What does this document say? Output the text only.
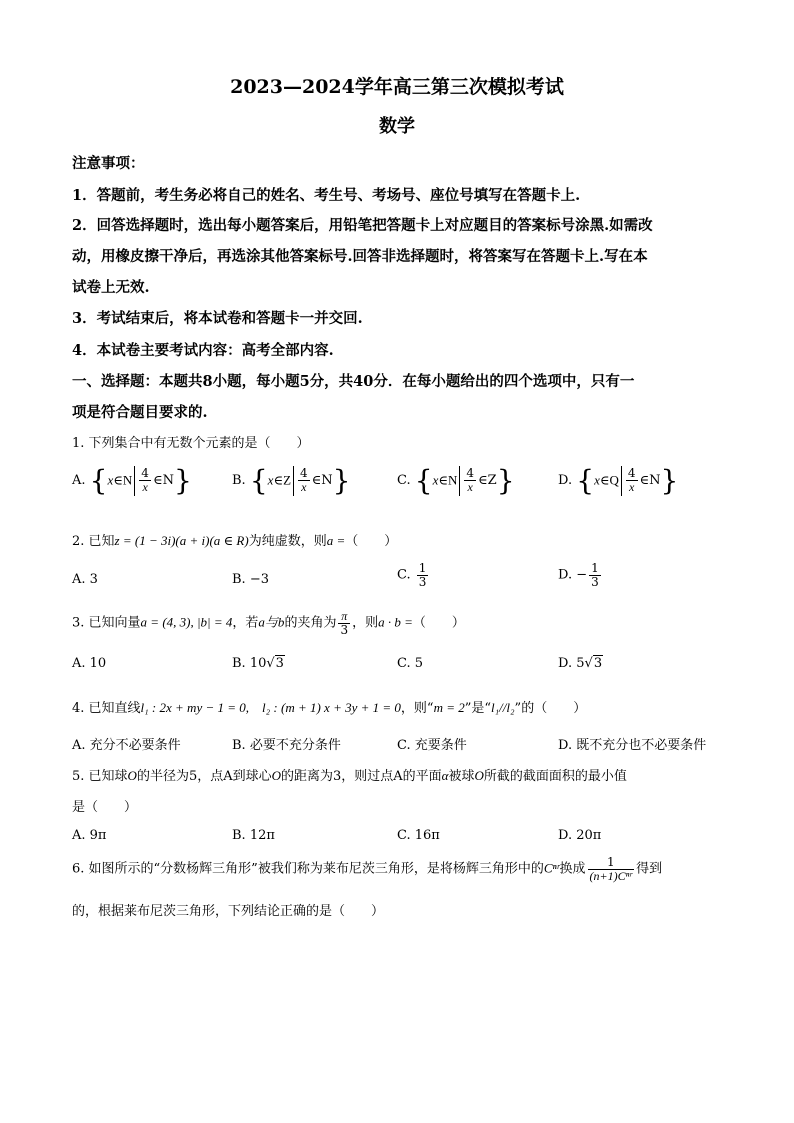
2023—2024学年高三第三次模拟考试
数学
注意事项：
1．答题前，考生务必将自己的姓名、考生号、考场号、座位号填写在答题卡上.
2．回答选择题时，选出每小题答案后，用铅笔把答题卡上对应题目的答案标号涂黑.如需改
动，用橡皮擦干净后，再选涂其他答案标号.回答非选择题时，将答案写在答题卡上.写在本
试卷上无效.
3．考试结束后，将本试卷和答题卡一并交回.
4．本试卷主要考试内容：高考全部内容.
一、选择题：本题共8小题，每小题5分，共40分．在每小题给出的四个选项中，只有一
项是符合题目要求的.
1. 下列集合中有无数个元素的是（　　）
A. {x∈N $\frac{4}{x}$ ∈N}	B. {x∈Z $\frac{4}{x}$ ∈N}	C. {x∈N $\frac{4}{x}$ ∈Z}	D. {x∈Q $\frac{4}{x}$ ∈N}
2. 已知z = (1 − 3i)(a + i)(a ∈ R)为纯虚数，则a =（　　）
A. 3	B. −3	C. $\frac{1}{3}$	D. − $\frac{1}{3}$
3. 已知向量a = (4, 3), |b| = 4，若a与b的夹角为 $\frac{\pi}{3}$ ，则a · b =（　　）
A. 10	B. 10√3	C. 5	D. 5√3
4. 已知直线l₁ : 2x + my − 1 = 0,　 l₂ : (m + 1) x + 3y + 1 = 0，则“m = 2”是“l₁//l₂”的（　　）
A. 充分不必要条件	B. 必要不充分条件	C. 充要条件	D. 既不充分也不必要条件
5. 已知球O的半径为5，点A到球心O的距离为3，则过点A的平面α被球O所截的截面面积的最小值
是（　　）
A. 9π	B. 12π	C. 16π	D. 20π
6. 如图所示的“分数杨辉三角形”被我们称为莱布尼茨三角形，是将杨辉三角形中的Cⁿʳ换成 $\frac{1}{\text{(n+1)Cⁿʳ}}$ 得到
的，根据莱布尼茨三角形，下列结论正确的是（　　）
